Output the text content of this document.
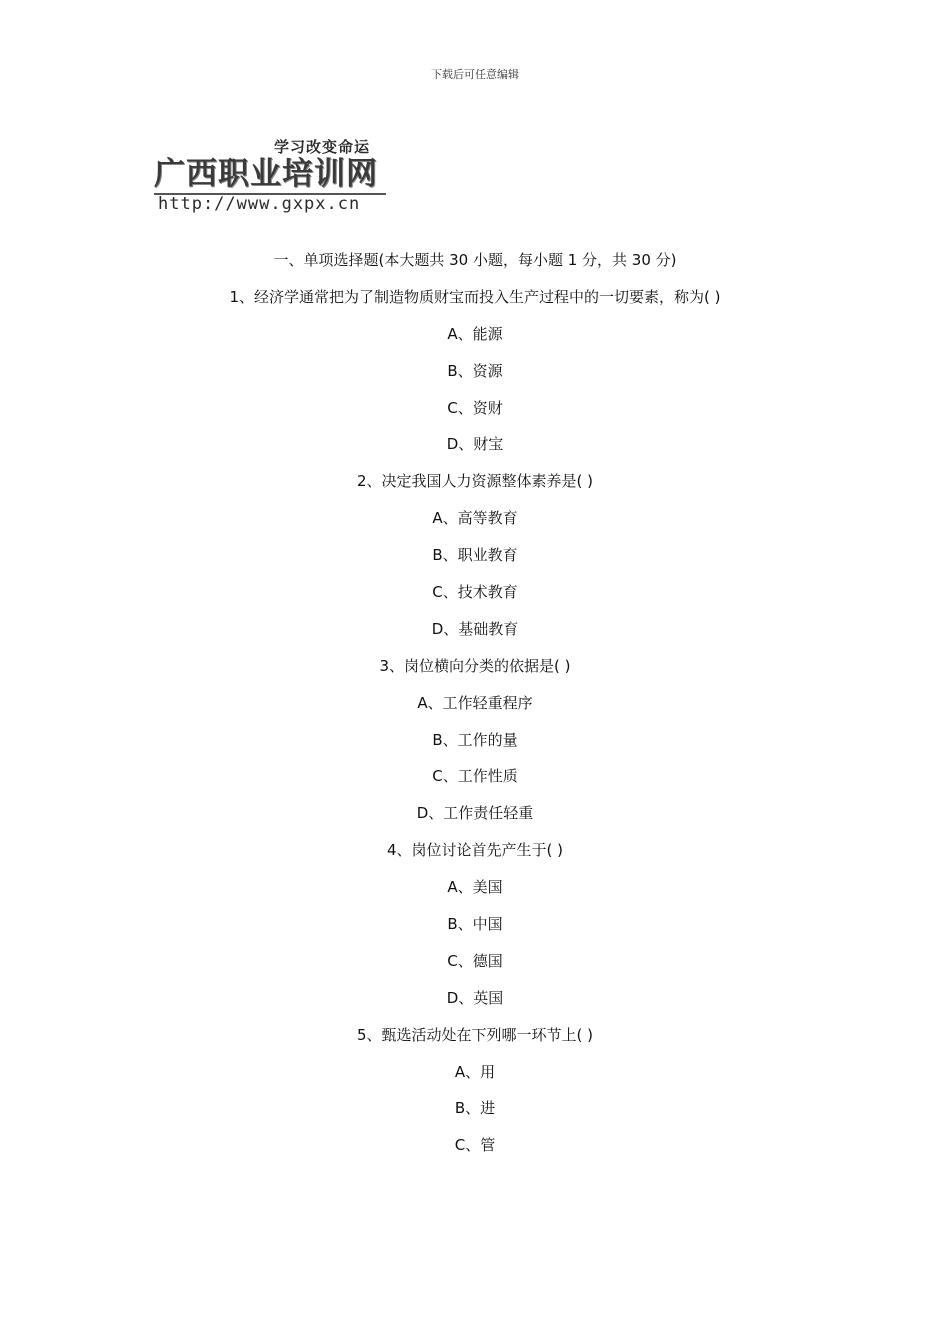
下载后可任意编辑
学习改变命运
广西职业培训网
http://www.gxpx.cn
一、单项选择题(本大题共 30 小题，每小题 1 分，共 30 分)
1、经济学通常把为了制造物质财宝而投入生产过程中的一切要素，称为( )
A、能源
B、资源
C、资财
D、财宝
2、决定我国人力资源整体素养是( )
A、高等教育
B、职业教育
C、技术教育
D、基础教育
3、岗位横向分类的依据是( )
A、工作轻重程序
B、工作的量
C、工作性质
D、工作责任轻重
4、岗位讨论首先产生于( )
A、美国
B、中国
C、德国
D、英国
5、甄选活动处在下列哪一环节上( )
A、用
B、进
C、管
